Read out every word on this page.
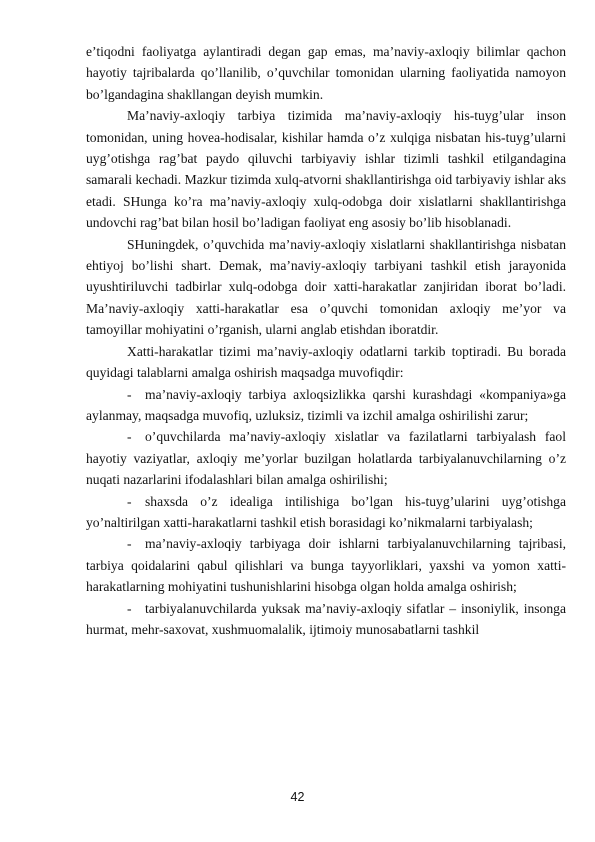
e’tiqodni faoliyatga aylantiradi degan gap emas, ma’naviy-axloqiy bilimlar qachon hayotiy tajribalarda qo’llanilib, o’quvchilar tomonidan ularning faoliyatida namoyon bo’lgandagina shakllangan deyish mumkin.

Ma’naviy-axloqiy tarbiya tizimida ma’naviy-axloqiy his-tuyg’ular inson tomonidan, uning hovea-hodisalar, kishilar hamda o’z xulqiga nisbatan his-tuyg’ularni uyg’otishga rag’bat paydo qiluvchi tarbiyaviy ishlar tizimli tashkil etilgandagina samarali kechadi. Mazkur tizimda xulq-atvorni shakllantirishga oid tarbiyaviy ishlar aks etadi. SHunga ko’ra ma’naviy-axloqiy xulq-odobga doir xislatlarni shakllantirishga undovchi rag’bat bilan hosil bo’ladigan faoliyat eng asosiy bo’lib hisoblanadi.

SHuningdek, o’quvchida ma’naviy-axloqiy xislatlarni shakllantirishga nisbatan ehtiyoj bo’lishi shart. Demak, ma’naviy-axloqiy tarbiyani tashkil etish jarayonida uyushtiriluvchi tadbirlar xulq-odobga doir xatti-harakatlar zanjiridan iborat bo’ladi. Ma’naviy-axloqiy xatti-harakatlar esa o’quvchi tomonidan axloqiy me’yor va tamoyillar mohiyatini o’rganish, ularni anglab etishdan iboratdir.

Xatti-harakatlar tizimi ma’naviy-axloqiy odatlarni tarkib toptiradi. Bu borada quyidagi talablarni amalga oshirish maqsadga muvofiqdir:

- ma’naviy-axloqiy tarbiya axloqsizlikka qarshi kurashdagi «kompaniya»ga aylanmay, maqsadga muvofiq, uzluksiz, tizimli va izchil amalga oshirilishi zarur;

- o’quvchilarda ma’naviy-axloqiy xislatlar va fazilatlarni tarbiyalash faol hayotiy vaziyatlar, axloqiy me’yorlar buzilgan holatlarda tarbiyalanuvchilarning o’z nuqati nazarlarini ifodalashlari bilan amalga oshirilishi;

- shaxsda o’z idealiga intilishiga bo’lgan his-tuyg’ularini uyg’otishga yo’naltirilgan xatti-harakatlarni tashkil etish borasidagi ko’nikmalarni tarbiyalash;

- ma’naviy-axloqiy tarbiyaga doir ishlarni tarbiyalanuvchilarning tajribasi, tarbiya qoidalarini qabul qilishlari va bunga tayyorliklari, yaxshi va yomon xatti-harakatlarning mohiyatini tushunishlarini hisobga olgan holda amalga oshirish;

- tarbiyalanuvchilarda yuksak ma’naviy-axloqiy sifatlar – insoniylik, insonga hurmat, mehr-saxovat, xushmuomalalik, ijtimoiy munosabatlarni tashkil

42
